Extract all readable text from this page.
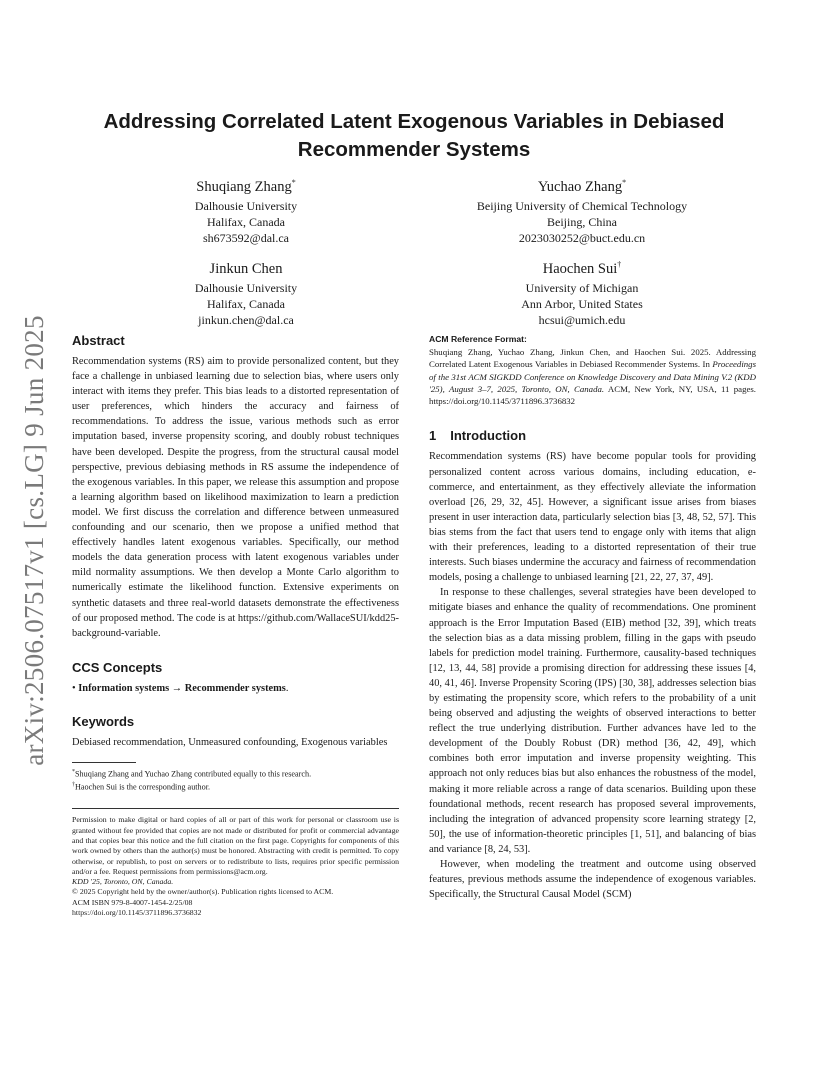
arXiv:2506.07517v1 [cs.LG] 9 Jun 2025
Addressing Correlated Latent Exogenous Variables in Debiased Recommender Systems
Shuqiang Zhang*
Dalhousie University
Halifax, Canada
sh673592@dal.ca
Yuchao Zhang*
Beijing University of Chemical Technology
Beijing, China
2023030252@buct.edu.cn
Jinkun Chen
Dalhousie University
Halifax, Canada
jinkun.chen@dal.ca
Haochen Sui†
University of Michigan
Ann Arbor, United States
hcsui@umich.edu
Abstract

Recommendation systems (RS) aim to provide personalized content, but they face a challenge in unbiased learning due to selection bias, where users only interact with items they prefer. This bias leads to a distorted representation of user preferences, which hinders the accuracy and fairness of recommendations. To address the issue, various methods such as error imputation based, inverse propensity scoring, and doubly robust techniques have been developed. Despite the progress, from the structural causal model perspective, previous debiasing methods in RS assume the independence of the exogenous variables. In this paper, we release this assumption and propose a learning algorithm based on likelihood maximization to learn a prediction model. We first discuss the correlation and difference between unmeasured confounding and our scenario, then we propose a unified method that effectively handles latent exogenous variables. Specifically, our method models the data generation process with latent exogenous variables under mild normality assumptions. We then develop a Monte Carlo algorithm to numerically estimate the likelihood function. Extensive experiments on synthetic datasets and three real-world datasets demonstrate the effectiveness of our proposed method. The code is at https://github.com/WallaceSUI/kdd25-background-variable.

CCS Concepts

• Information systems → Recommender systems.

Keywords

Debiased recommendation, Unmeasured confounding, Exogenous variables

*Shuqiang Zhang and Yuchao Zhang contributed equally to this research.

†Haochen Sui is the corresponding author.

Permission to make digital or hard copies of all or part of this work for personal or classroom use is granted without fee provided that copies are not made or distributed for profit or commercial advantage and that copies bear this notice and the full citation on the first page. Copyrights for components of this work owned by others than the author(s) must be honored. Abstracting with credit is permitted. To copy otherwise, or republish, to post on servers or to redistribute to lists, requires prior specific permission and/or a fee. Request permissions from permissions@acm.org.

KDD '25, Toronto, ON, Canada.

© 2025 Copyright held by the owner/author(s). Publication rights licensed to ACM.

ACM ISBN 979-8-4007-1454-2/25/08

https://doi.org/10.1145/3711896.3736832

ACM Reference Format:

Shuqiang Zhang, Yuchao Zhang, Jinkun Chen, and Haochen Sui. 2025. Addressing Correlated Latent Exogenous Variables in Debiased Recommender Systems. In Proceedings of the 31st ACM SIGKDD Conference on Knowledge Discovery and Data Mining V.2 (KDD '25), August 3–7, 2025, Toronto, ON, Canada. ACM, New York, NY, USA, 11 pages. https://doi.org/10.1145/3711896.3736832

1 Introduction

Recommendation systems (RS) have become popular tools for providing personalized content across various domains, including education, e-commerce, and entertainment, as they effectively alleviate the information overload [26, 29, 32, 45]. However, a significant issue arises from biases present in user interaction data, particularly selection bias [3, 48, 52, 57]. This bias stems from the fact that users tend to engage only with items that align with their preferences, leading to a distorted representation of their true interests. Such biases undermine the accuracy and fairness of recommendation models, posing a challenge to unbiased learning [21, 22, 27, 37, 49].

In response to these challenges, several strategies have been developed to mitigate biases and enhance the quality of recommendations. One prominent approach is the Error Imputation Based (EIB) method [32, 39], which treats the selection bias as a data missing problem, filling in the gaps with pseudo labels for prediction model training. Furthermore, causality-based techniques [12, 13, 44, 58] provide a promising direction for addressing these issues [4, 40, 41, 46]. Inverse Propensity Scoring (IPS) [30, 38], addresses selection bias by estimating the propensity score, which refers to the probability of a unit being observed and adjusting the weights of observed interactions to better reflect the true underlying distribution. Further advances have led to the development of the Doubly Robust (DR) method [36, 42, 49], which combines both error imputation and inverse propensity weighting. This approach not only reduces bias but also enhances the robustness of the model, making it more reliable across a range of data scenarios. Building upon these foundational methods, recent research has proposed several improvements, including the integration of advanced propensity score learning strategy [2, 50], the use of information-theoretic principles [1, 51], and balancing of bias and variance [8, 24, 53].

However, when modeling the treatment and outcome using observed features, previous methods assume the independence of exogenous variables. Specifically, the Structural Causal Model (SCM)
